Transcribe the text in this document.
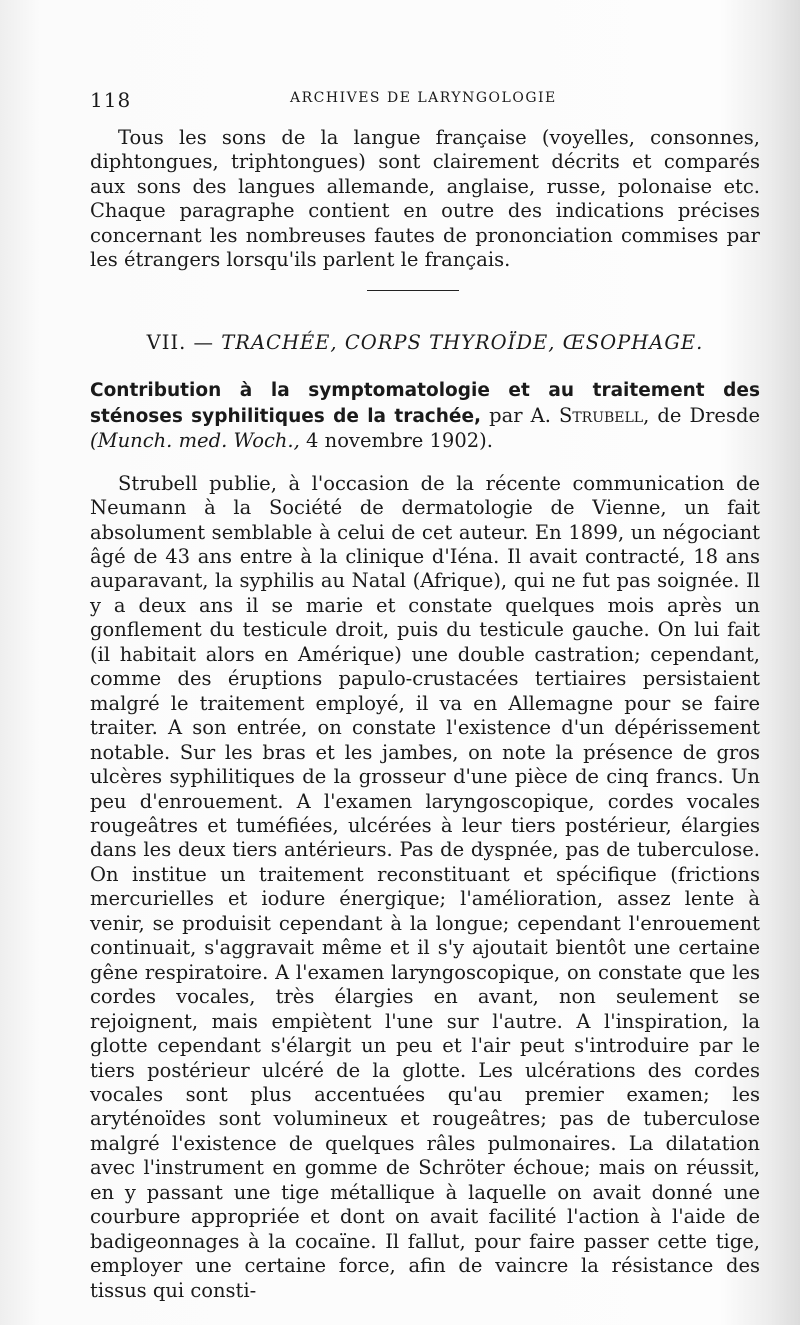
118	ARCHIVES DE LARYNGOLOGIE

Tous les sons de la langue française (voyelles, consonnes, diphtongues, triphtongues) sont clairement décrits et comparés aux sons des langues allemande, anglaise, russe, polonaise etc. Chaque paragraphe contient en outre des indications précises concernant les nombreuses fautes de prononciation commises par les étrangers lorsqu'ils parlent le français.

VII. — TRACHÉE, CORPS THYROÏDE, ŒSOPHAGE.

Contribution à la symptomatologie et au traitement des sténoses syphilitiques de la trachée, par A. Strubell, de Dresde (Munch. med. Woch., 4 novembre 1902).

Strubell publie, à l'occasion de la récente communication de Neumann à la Société de dermatologie de Vienne, un fait absolument semblable à celui de cet auteur. En 1899, un négociant âgé de 43 ans entre à la clinique d'Iéna. Il avait contracté, 18 ans auparavant, la syphilis au Natal (Afrique), qui ne fut pas soignée. Il y a deux ans il se marie et constate quelques mois après un gonflement du testicule droit, puis du testicule gauche. On lui fait (il habitait alors en Amérique) une double castration; cependant, comme des éruptions papulo-crustacées tertiaires persistaient malgré le traitement employé, il va en Allemagne pour se faire traiter. A son entrée, on constate l'existence d'un dépérissement notable. Sur les bras et les jambes, on note la présence de gros ulcères syphilitiques de la grosseur d'une pièce de cinq francs. Un peu d'enrouement. A l'examen laryngoscopique, cordes vocales rougeâtres et tuméfiées, ulcérées à leur tiers postérieur, élargies dans les deux tiers antérieurs. Pas de dyspnée, pas de tuberculose. On institue un traitement reconstituant et spécifique (frictions mercurielles et iodure énergique; l'amélioration, assez lente à venir, se produisit cependant à la longue; cependant l'enrouement continuait, s'aggravait même et il s'y ajoutait bientôt une certaine gêne respiratoire. A l'examen laryngoscopique, on constate que les cordes vocales, très élargies en avant, non seulement se rejoignent, mais empiètent l'une sur l'autre. A l'inspiration, la glotte cependant s'élargit un peu et l'air peut s'introduire par le tiers postérieur ulcéré de la glotte. Les ulcérations des cordes vocales sont plus accentuées qu'au premier examen; les aryténoïdes sont volumineux et rougeâtres; pas de tuberculose malgré l'existence de quelques râles pulmonaires. La dilatation avec l'instrument en gomme de Schröter échoue; mais on réussit, en y passant une tige métallique à laquelle on avait donné une courbure appropriée et dont on avait facilité l'action à l'aide de badigeonnages à la cocaïne. Il fallut, pour faire passer cette tige, employer une certaine force, afin de vaincre la résistance des tissus qui consti-
